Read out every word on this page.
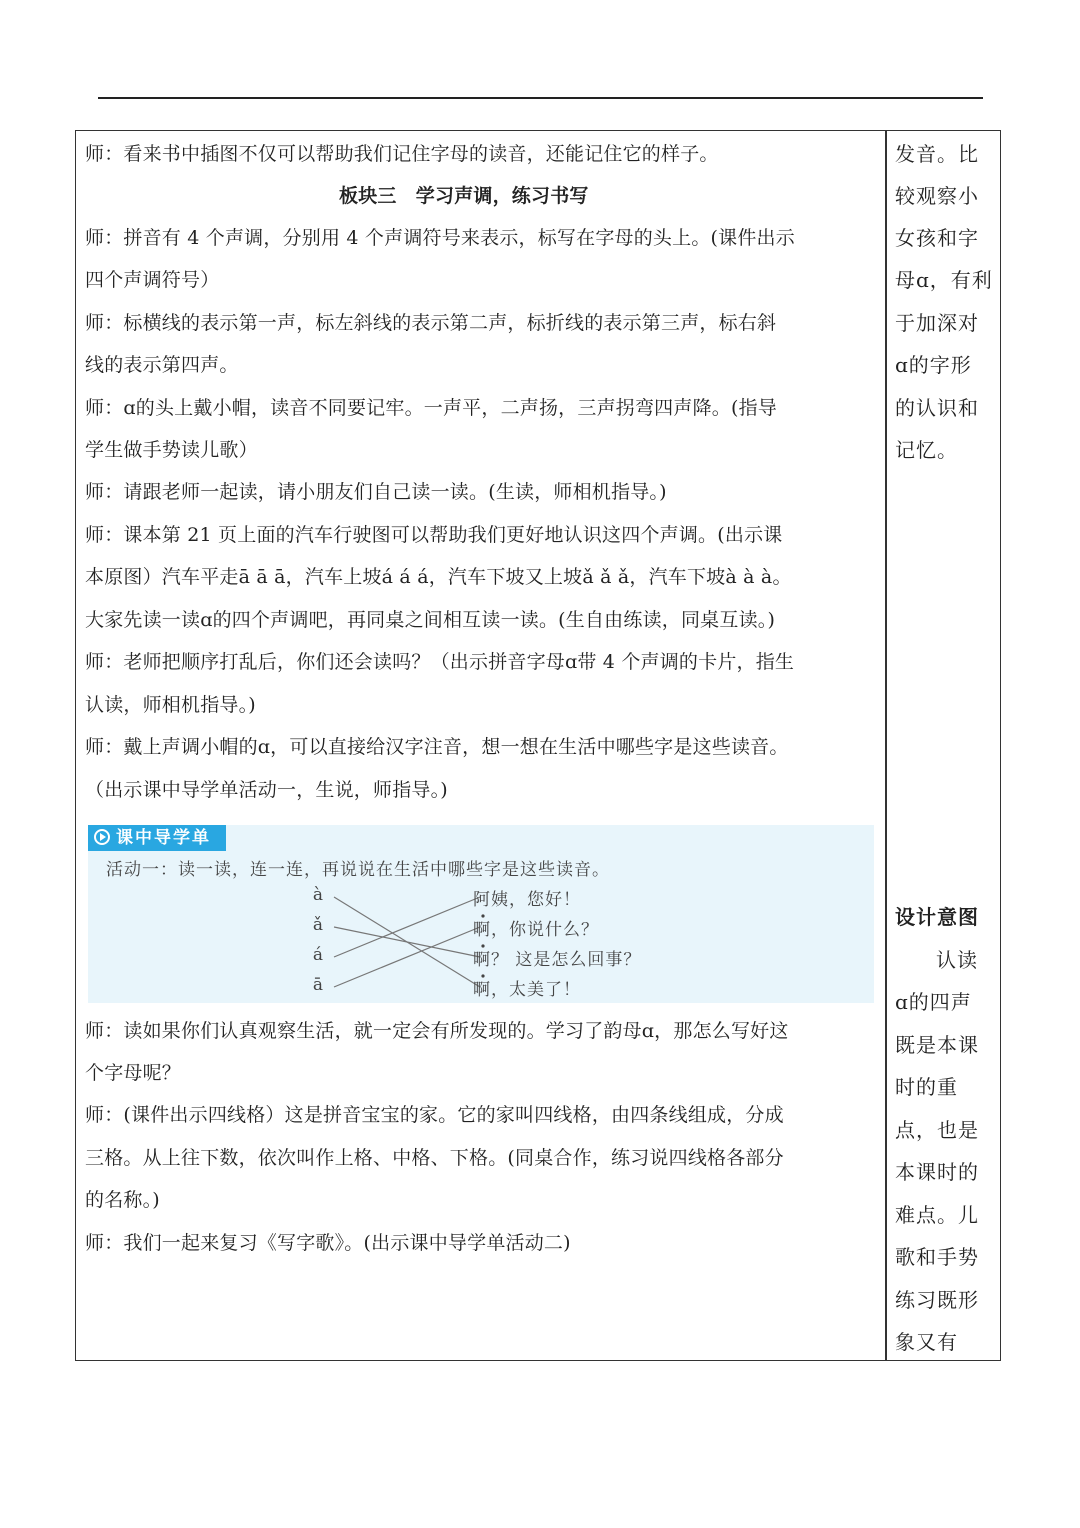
师：看来书中插图不仅可以帮助我们记住字母的读音，还能记住它的样子。
板块三　学习声调，练习书写
师：拼音有 4 个声调，分别用 4 个声调符号来表示，标写在字母的头上。(课件出示
四个声调符号）
师：标横线的表示第一声，标左斜线的表示第二声，标折线的表示第三声，标右斜
线的表示第四声。
师：ɑ的头上戴小帽，读音不同要记牢。一声平，二声扬，三声拐弯四声降。(指导
学生做手势读儿歌）
师：请跟老师一起读，请小朋友们自己读一读。(生读，师相机指导。)
师：课本第 21 页上面的汽车行驶图可以帮助我们更好地认识这四个声调。(出示课
本原图）汽车平走ā ā ā，汽车上坡á á á，汽车下坡又上坡ǎ ǎ ǎ，汽车下坡à à à。
大家先读一读ɑ的四个声调吧，再同桌之间相互读一读。(生自由练读，同桌互读。)
师：老师把顺序打乱后，你们还会读吗？（出示拼音字母ɑ带 4 个声调的卡片，指生
认读，师相机指导。)
师：戴上声调小帽的ɑ，可以直接给汉字注音，想一想在生活中哪些字是这些读音。
（出示课中导学单活动一，生说，师指导。)
师：读如果你们认真观察生活，就一定会有所发现的。学习了韵母ɑ，那怎么写好这
个字母呢？
师：(课件出示四线格）这是拼音宝宝的家。它的家叫四线格，由四条线组成，分成
三格。从上往下数，依次叫作上格、中格、下格。(同桌合作，练习说四线格各部分
的名称。)
师：我们一起来复习《写字歌》。(出示课中导学单活动二)
课中导学单
活动一：读一读，连一连，再说说在生活中哪些字是这些读音。
à
ǎ
á
ā
阿姨，您好！
啊，你说什么？
啊？ 这是怎么回事？
啊，太美了！
发音。比
较观察小
女孩和字
母ɑ，有利
于加深对
ɑ的字形
的认识和
记忆。
设计意图
　认读
ɑ的四声
既是本课
时的重
点，也是
本课时的
难点。儿
歌和手势
练习既形
象又有
